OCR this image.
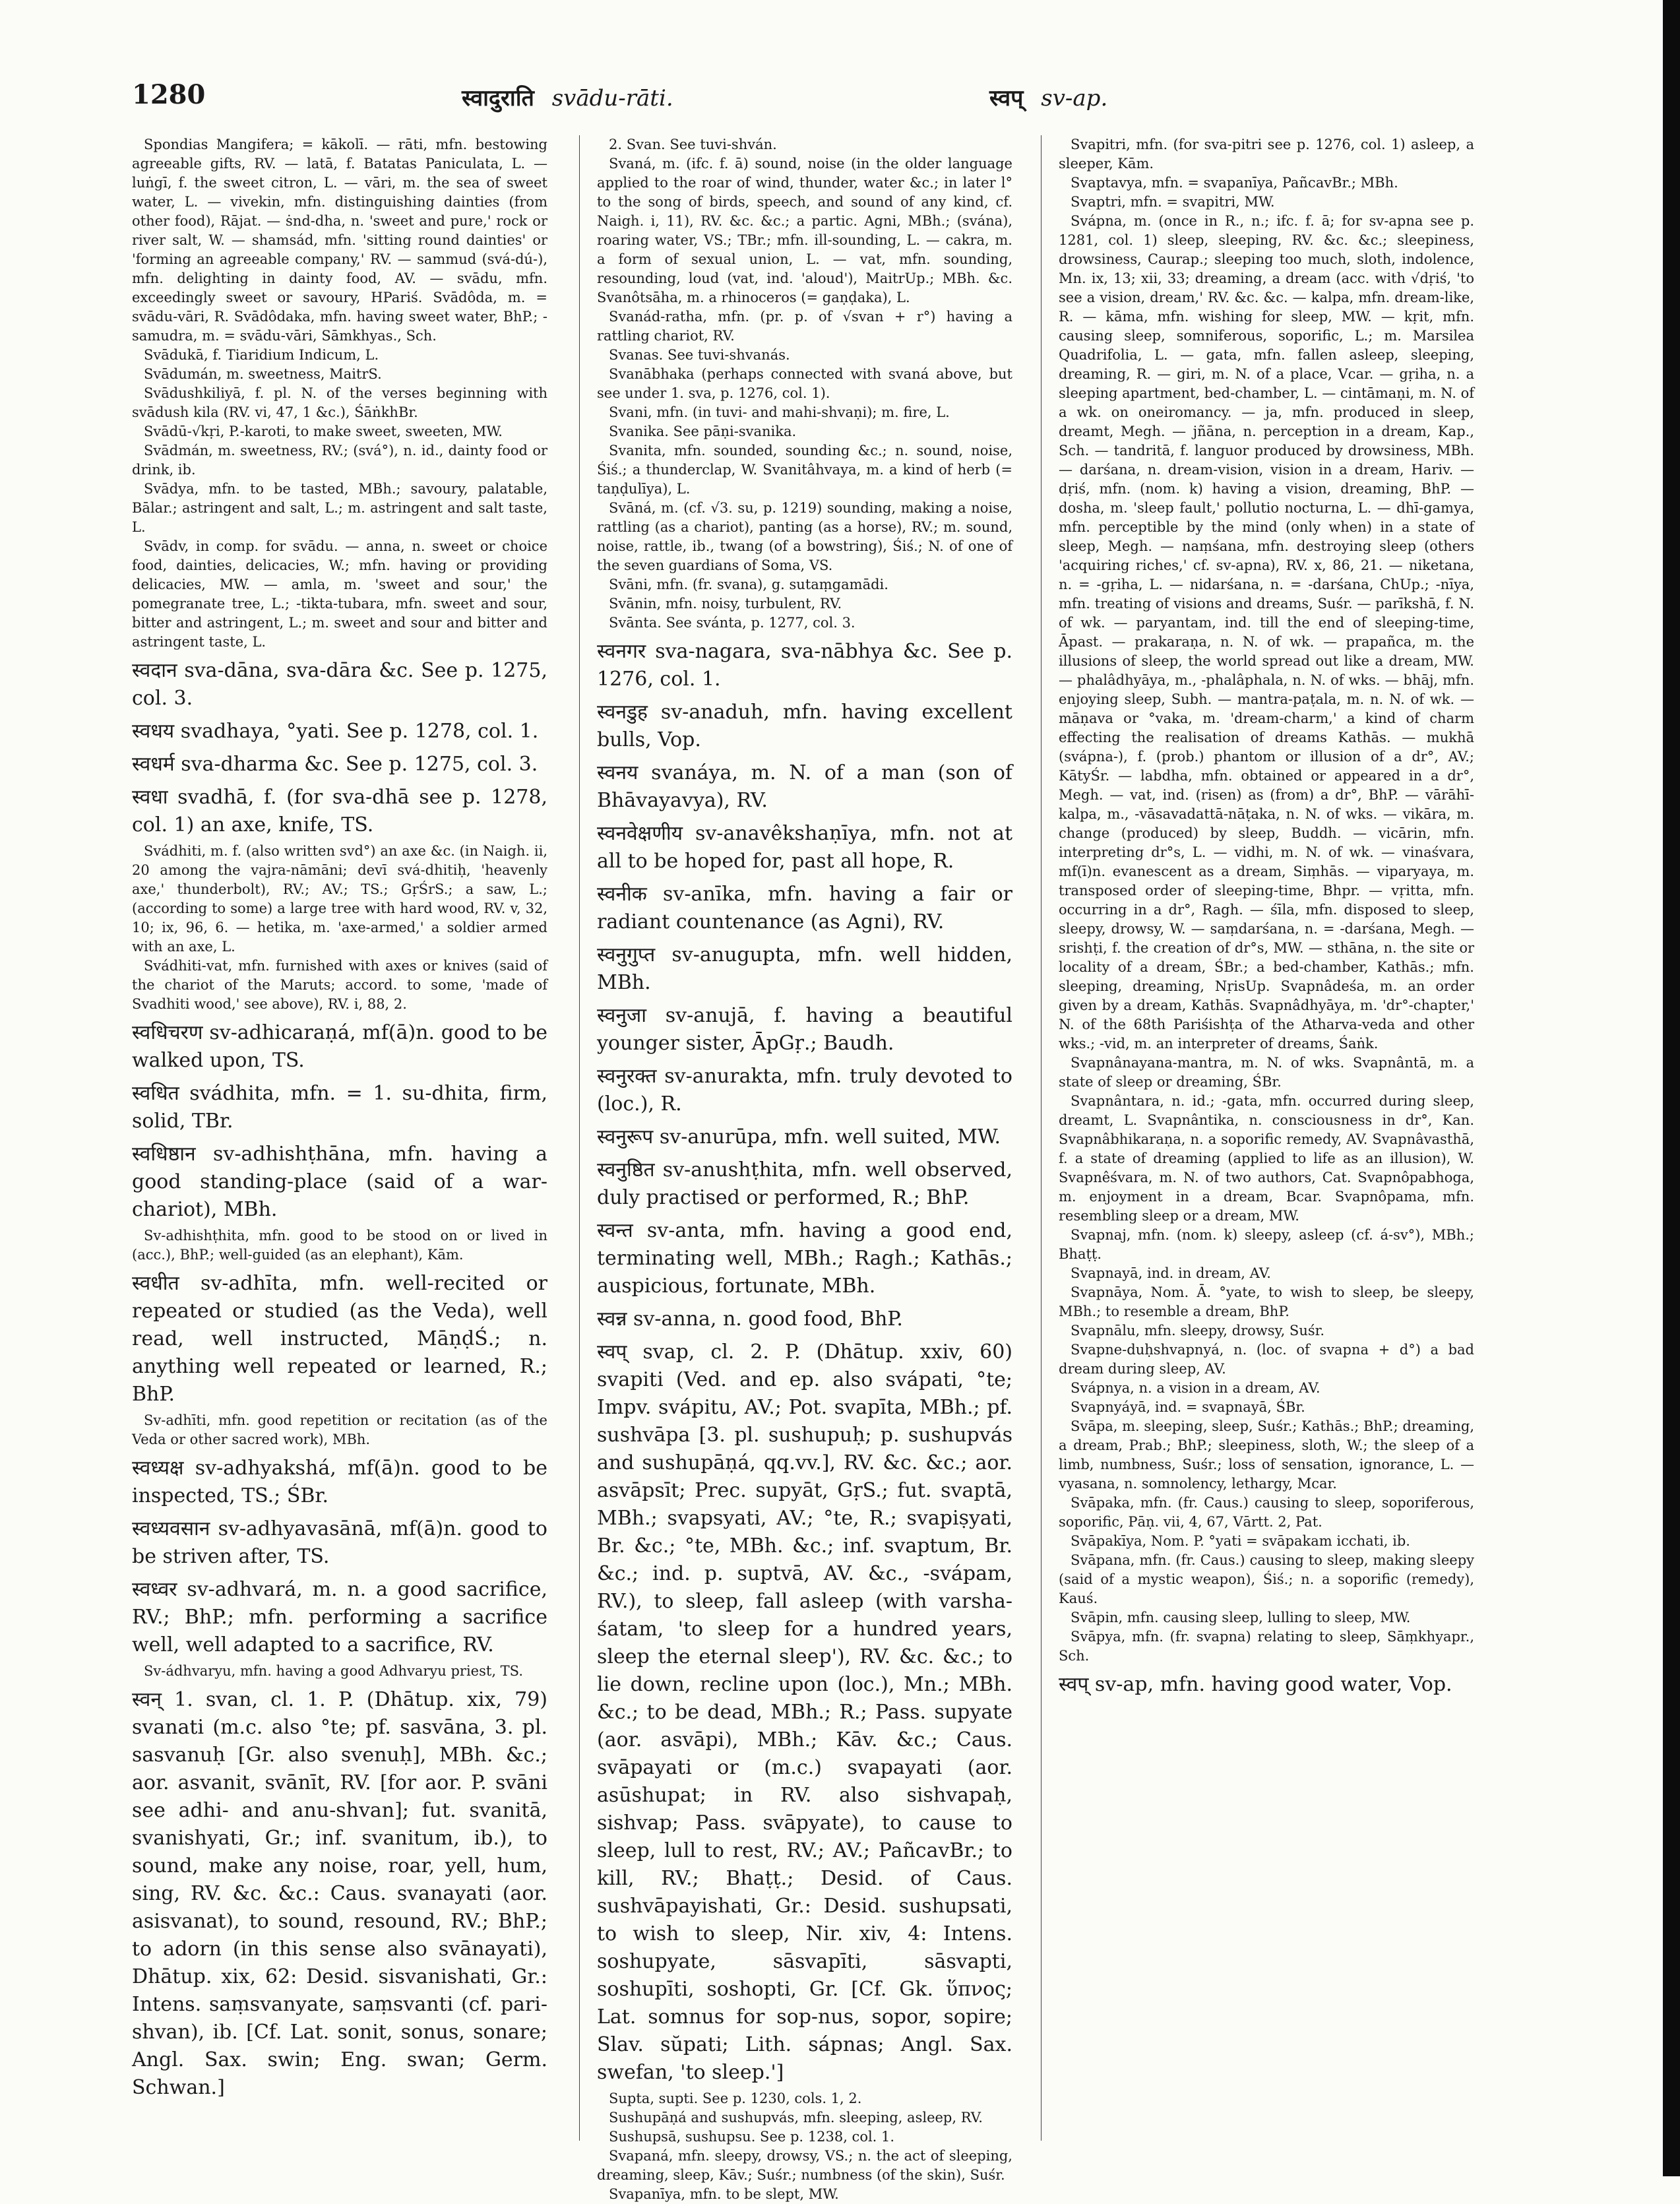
1280	स्वादुराति svādu-rāti.	स्वप् sv-ap.

Spondias Mangifera; = kākolī. — rāti, mfn. bestowing agreeable gifts, RV. — latā, f. Batatas Paniculata, L. — luṅgī, f. the sweet citron, L. — vāri, m. the sea of sweet water, L. — vivekin, mfn. distinguishing dainties (from other food), Rājat. — ṡnd-dha, n. 'sweet and pure,' rock or river salt, W. — shamsád, mfn. 'sitting round dainties' or 'forming an agreeable company,' RV. — sammud (svá-dú-), mfn. delighting in dainty food, AV. — svādu, mfn. exceedingly sweet or savoury, HPariś. Svādôda, m. = svādu-vāri, R. Svādôdaka, mfn. having sweet water, BhP.; -samudra, m. = svādu-vāri, Sāmkhyas., Sch.

Svādukā, f. Tiaridium Indicum, L.

Svādumán, m. sweetness, MaitrS.

Svādushkiliyā, f. pl. N. of the verses beginning with svādush kila (RV. vi, 47, 1 &c.), ŚāṅkhBr.

Svādū-√kṛi, P.-karoti, to make sweet, sweeten, MW.

Svādmán, m. sweetness, RV.; (svá°), n. id., dainty food or drink, ib.

Svādya, mfn. to be tasted, MBh.; savoury, palatable, Bālar.; astringent and salt, L.; m. astringent and salt taste, L.

Svādv, in comp. for svādu. — anna, n. sweet or choice food, dainties, delicacies, W.; mfn. having or providing delicacies, MW. — amla, m. 'sweet and sour,' the pomegranate tree, L.; -tikta-tubara, mfn. sweet and sour, bitter and astringent, L.; m. sweet and sour and bitter and astringent taste, L.

स्वदान sva-dāna, sva-dāra &c. See p. 1275, col. 3.

स्वधय svadhaya, °yati. See p. 1278, col. 1.

स्वधर्म sva-dharma &c. See p. 1275, col. 3.

स्वधा svadhā, f. (for sva-dhā see p. 1278, col. 1) an axe, knife, TS.

Svádhiti, m. f. (also written svd°) an axe &c. (in Naigh. ii, 20 among the vajra-nāmāni; devī svá-dhitiḥ, 'heavenly axe,' thunderbolt), RV.; AV.; TS.; GṛŚrS.; a saw, L.; (according to some) a large tree with hard wood, RV. v, 32, 10; ix, 96, 6. — hetika, m. 'axe-armed,' a soldier armed with an axe, L.

Svádhiti-vat, mfn. furnished with axes or knives (said of the chariot of the Maruts; accord. to some, 'made of Svadhiti wood,' see above), RV. i, 88, 2.

स्वधिचरण sv-adhicaraṇá, mf(ā)n. good to be walked upon, TS.

स्वधित svádhita, mfn. = 1. su-dhita, firm, solid, TBr.

स्वधिष्ठान sv-adhishṭhāna, mfn. having a good standing-place (said of a war-chariot), MBh.

Sv-adhishṭhita, mfn. good to be stood on or lived in (acc.), BhP.; well-guided (as an elephant), Kām.

स्वधीत sv-adhīta, mfn. well-recited or repeated or studied (as the Veda), well read, well instructed, MāṇḍŚ.; n. anything well repeated or learned, R.; BhP.

Sv-adhīti, mfn. good repetition or recitation (as of the Veda or other sacred work), MBh.

स्वध्यक्ष sv-adhyakshá, mf(ā)n. good to be inspected, TS.; ŚBr.

स्वध्यवसान sv-adhyavasānā, mf(ā)n. good to be striven after, TS.

स्वध्वर sv-adhvará, m. n. a good sacrifice, RV.; BhP.; mfn. performing a sacrifice well, well adapted to a sacrifice, RV.

Sv-ádhvaryu, mfn. having a good Adhvaryu priest, TS.

स्वन् 1. svan, cl. 1. P. (Dhātup. xix, 79) svanati (m.c. also °te; pf. sasvāna, 3. pl. sasvanuḥ [Gr. also svenuḥ], MBh. &c.; aor. asvanit, svānīt, RV. [for aor. P. svāni see adhi- and anu-shvan]; fut. svanitā, svanishyati, Gr.; inf. svanitum, ib.), to sound, make any noise, roar, yell, hum, sing, RV. &c. &c.: Caus. svanayati (aor. asisvanat), to sound, resound, RV.; BhP.; to adorn (in this sense also svānayati), Dhātup. xix, 62: Desid. sisvanishati, Gr.: Intens. saṃsvanyate, saṃsvanti (cf. pari-shvan), ib. [Cf. Lat. sonit, sonus, sonare; Angl. Sax. swin; Eng. swan; Germ. Schwan.]

2. Svan. See tuvi-shván.

Svaná, m. (ifc. f. ā) sound, noise (in the older language applied to the roar of wind, thunder, water &c.; in later l° to the song of birds, speech, and sound of any kind, cf. Naigh. i, 11), RV. &c. &c.; a partic. Agni, MBh.; (svána), roaring water, VS.; TBr.; mfn. ill-sounding, L. — cakra, m. a form of sexual union, L. — vat, mfn. sounding, resounding, loud (vat, ind. 'aloud'), MaitrUp.; MBh. &c. Svanôtsāha, m. a rhinoceros (= gaṇḍaka), L.

Svanád-ratha, mfn. (pr. p. of √svan + r°) having a rattling chariot, RV.

Svanas. See tuvi-shvanás.

Svanābhaka (perhaps connected with svaná above, but see under 1. sva, p. 1276, col. 1).

Svani, mfn. (in tuvi- and mahi-shvaṇi); m. fire, L.

Svanika. See pāṇi-svanika.

Svanita, mfn. sounded, sounding &c.; n. sound, noise, Śiś.; a thunderclap, W. Svanitâhvaya, m. a kind of herb (= taṇḍulīya), L.

Svāná, m. (cf. √3. su, p. 1219) sounding, making a noise, rattling (as a chariot), panting (as a horse), RV.; m. sound, noise, rattle, ib., twang (of a bowstring), Śiś.; N. of one of the seven guardians of Soma, VS.

Svāni, mfn. (fr. svana), g. sutaṃgamādi.

Svānin, mfn. noisy, turbulent, RV.

Svānta. See svánta, p. 1277, col. 3.

स्वनगर sva-nagara, sva-nābhya &c. See p. 1276, col. 1.

स्वनडुह sv-anaduh, mfn. having excellent bulls, Vop.

स्वनय svanáya, m. N. of a man (son of Bhāvayavya), RV.

स्वनवेक्षणीय sv-anavêkshaṇīya, mfn. not at all to be hoped for, past all hope, R.

स्वनीक sv-anīka, mfn. having a fair or radiant countenance (as Agni), RV.

स्वनुगुप्त sv-anugupta, mfn. well hidden, MBh.

स्वनुजा sv-anujā, f. having a beautiful younger sister, ĀpGṛ.; Baudh.

स्वनुरक्त sv-anurakta, mfn. truly devoted to (loc.), R.

स्वनुरूप sv-anurūpa, mfn. well suited, MW.

स्वनुष्ठित sv-anushṭhita, mfn. well observed, duly practised or performed, R.; BhP.

स्वन्त sv-anta, mfn. having a good end, terminating well, MBh.; Ragh.; Kathās.; auspicious, fortunate, MBh.

स्वन्न sv-anna, n. good food, BhP.

स्वप् svap, cl. 2. P. (Dhātup. xxiv, 60) svapiti (Ved. and ep. also svápati, °te; Impv. svápitu, AV.; Pot. svapīta, MBh.; pf. sushvāpa [3. pl. sushupuḥ; p. sushupvás and sushupāṇá, qq.vv.], RV. &c. &c.; aor. asvāpsīt; Prec. supyāt, GṛS.; fut. svaptā, MBh.; svapsyati, AV.; °te, R.; svapiṣyati, Br. &c.; °te, MBh. &c.; inf. svaptum, Br. &c.; ind. p. suptvā, AV. &c., -svápam, RV.), to sleep, fall asleep (with varsha-śatam, 'to sleep for a hundred years, sleep the eternal sleep'), RV. &c. &c.; to lie down, recline upon (loc.), Mn.; MBh. &c.; to be dead, MBh.; R.; Pass. supyate (aor. asvāpi), MBh.; Kāv. &c.; Caus. svāpayati or (m.c.) svapayati (aor. asūshupat; in RV. also sishvapaḥ, sishvap; Pass. svāpyate), to cause to sleep, lull to rest, RV.; AV.; PañcavBr.; to kill, RV.; Bhaṭṭ.; Desid. of Caus. sushvāpayishati, Gr.: Desid. sushupsati, to wish to sleep, Nir. xiv, 4: Intens. soshupyate, sāsvapīti, sāsvapti, soshupīti, soshopti, Gr. [Cf. Gk. ὕπνος; Lat. somnus for sop-nus, sopor, sopire; Slav. sŭpati; Lith. sápnas; Angl. Sax. swefan, 'to sleep.']

Supta, supti. See p. 1230, cols. 1, 2.

Sushupāṇá and sushupvás, mfn. sleeping, asleep, RV.

Sushupsā, sushupsu. See p. 1238, col. 1.

Svapaná, mfn. sleepy, drowsy, VS.; n. the act of sleeping, dreaming, sleep, Kāv.; Suśr.; numbness (of the skin), Suśr.

Svapanīya, mfn. to be slept, MW.

Svapitri, mfn. (for sva-pitri see p. 1276, col. 1) asleep, a sleeper, Kām.

Svaptavya, mfn. = svapanīya, PañcavBr.; MBh.

Svaptri, mfn. = svapitri, MW.

Svápna, m. (once in R., n.; ifc. f. ā; for sv-apna see p. 1281, col. 1) sleep, sleeping, RV. &c. &c.; sleepiness, drowsiness, Caurap.; sleeping too much, sloth, indolence, Mn. ix, 13; xii, 33; dreaming, a dream (acc. with √dṛiś, 'to see a vision, dream,' RV. &c. &c. — kalpa, mfn. dream-like, R. — kāma, mfn. wishing for sleep, MW. — kṛit, mfn. causing sleep, somniferous, soporific, L.; m. Marsilea Quadrifolia, L. — gata, mfn. fallen asleep, sleeping, dreaming, R. — giri, m. N. of a place, Vcar. — gṛiha, n. a sleeping apartment, bed-chamber, L. — cintāmaṇi, m. N. of a wk. on oneiromancy. — ja, mfn. produced in sleep, dreamt, Megh. — jñāna, n. perception in a dream, Kap., Sch. — tandritā, f. languor produced by drowsiness, MBh. — darśana, n. dream-vision, vision in a dream, Hariv. — dṛiś, mfn. (nom. k) having a vision, dreaming, BhP. — dosha, m. 'sleep fault,' pollutio nocturna, L. — dhī-gamya, mfn. perceptible by the mind (only when) in a state of sleep, Megh. — naṃśana, mfn. destroying sleep (others 'acquiring riches,' cf. sv-apna), RV. x, 86, 21. — niketana, n. = -gṛiha, L. — nidarśana, n. = -darśana, ChUp.; -nīya, mfn. treating of visions and dreams, Suśr. — parīkshā, f. N. of wk. — paryantam, ind. till the end of sleeping-time, Āpast. — prakaraṇa, n. N. of wk. — prapañca, m. the illusions of sleep, the world spread out like a dream, MW. — phalâdhyāya, m., -phalâphala, n. N. of wks. — bhāj, mfn. enjoying sleep, Subh. — mantra-paṭala, m. n. N. of wk. — māṇava or °vaka, m. 'dream-charm,' a kind of charm effecting the realisation of dreams Kathās. — mukhā (svápna-), f. (prob.) phantom or illusion of a dr°, AV.; KātyŚr. — labdha, mfn. obtained or appeared in a dr°, Megh. — vat, ind. (risen) as (from) a dr°, BhP. — vārāhī-kalpa, m., -vāsavadattā-nāṭaka, n. N. of wks. — vikāra, m. change (produced) by sleep, Buddh. — vicārin, mfn. interpreting dr°s, L. — vidhi, m. N. of wk. — vinaśvara, mf(ī)n. evanescent as a dream, Siṃhās. — viparyaya, m. transposed order of sleeping-time, Bhpr. — vṛitta, mfn. occurring in a dr°, Ragh. — śīla, mfn. disposed to sleep, sleepy, drowsy, W. — saṃdarśana, n. = -darśana, Megh. — srishṭi, f. the creation of dr°s, MW. — sthāna, n. the site or locality of a dream, ŚBr.; a bed-chamber, Kathās.; mfn. sleeping, dreaming, NṛisUp. Svapnâdeśa, m. an order given by a dream, Kathās. Svapnâdhyāya, m. 'dr°-chapter,' N. of the 68th Pariśishṭa of the Atharva-veda and other wks.; -vid, m. an interpreter of dreams, Śaṅk.

Svapnânayana-mantra, m. N. of wks. Svapnântā, m. a state of sleep or dreaming, ŚBr.

Svapnântara, n. id.; -gata, mfn. occurred during sleep, dreamt, L. Svapnântika, n. consciousness in dr°, Kan. Svapnâbhikaraṇa, n. a soporific remedy, AV. Svapnâvasthā, f. a state of dreaming (applied to life as an illusion), W. Svapnêśvara, m. N. of two authors, Cat. Svapnôpabhoga, m. enjoyment in a dream, Bcar. Svapnôpama, mfn. resembling sleep or a dream, MW.

Svapnaj, mfn. (nom. k) sleepy, asleep (cf. á-sv°), MBh.; Bhaṭṭ.

Svapnayā, ind. in dream, AV.

Svapnāya, Nom. Ā. °yate, to wish to sleep, be sleepy, MBh.; to resemble a dream, BhP.

Svapnālu, mfn. sleepy, drowsy, Suśr.

Svapne-duḥshvapnyá, n. (loc. of svapna + d°) a bad dream during sleep, AV.

Svápnya, n. a vision in a dream, AV.

Svapnyáyā, ind. = svapnayā, ŚBr.

Svāpa, m. sleeping, sleep, Suśr.; Kathās.; BhP.; dreaming, a dream, Prab.; BhP.; sleepiness, sloth, W.; the sleep of a limb, numbness, Suśr.; loss of sensation, ignorance, L. — vyasana, n. somnolency, lethargy, Mcar.

Svāpaka, mfn. (fr. Caus.) causing to sleep, soporiferous, soporific, Pāṇ. vii, 4, 67, Vārtt. 2, Pat.

Svāpakīya, Nom. P. °yati = svāpakam icchati, ib.

Svāpana, mfn. (fr. Caus.) causing to sleep, making sleepy (said of a mystic weapon), Śiś.; n. a soporific (remedy), Kauś.

Svāpin, mfn. causing sleep, lulling to sleep, MW.

Svāpya, mfn. (fr. svapna) relating to sleep, Sāṃkhyapr., Sch.

स्वप् sv-ap, mfn. having good water, Vop.
